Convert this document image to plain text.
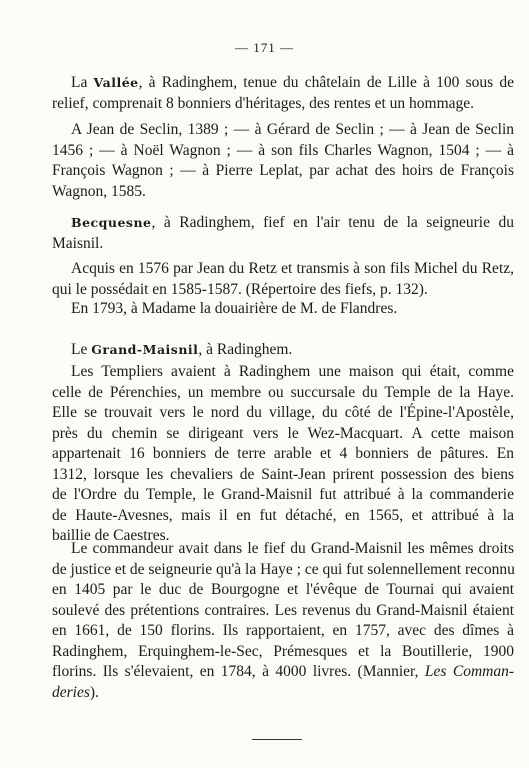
— 171 —
La Vallée, à Radinghem, tenue du châtelain de Lille à 100 sous de
relief, comprenait 8 bonniers d'héritages, des rentes et un hommage.
A Jean de Seclin, 1389 ; — à Gérard de Seclin ; — à Jean de Seclin
1456 ; — à Noël Wagnon ; — à son fils Charles Wagnon, 1504 ; — à
François Wagnon ; — à Pierre Leplat, par achat des hoirs de François
Wagnon, 1585.
Becquesne, à Radinghem, fief en l'air tenu de la seigneurie du
Maisnil.
Acquis en 1576 par Jean du Retz et transmis à son fils Michel du Retz,
qui le possédait en 1585-1587. (Répertoire des fiefs, p. 132).
En 1793, à Madame la douairière de M. de Flandres.
Le Grand-Maisnil, à Radinghem.
Les Templiers avaient à Radinghem une maison qui était, comme
celle de Pérenchies, un membre ou succursale du Temple de la Haye.
Elle se trouvait vers le nord du village, du côté de l'Épine-l'Apostèle,
près du chemin se dirigeant vers le Wez-Macquart. A cette maison
appartenait 16 bonniers de terre arable et 4 bonniers de pâtures. En
1312, lorsque les chevaliers de Saint-Jean prirent possession des biens
de l'Ordre du Temple, le Grand-Maisnil fut attribué à la commanderie
de Haute-Avesnes, mais il en fut détaché, en 1565, et attribué à la
baillie de Caestres.
Le commandeur avait dans le fief du Grand-Maisnil les mêmes droits
de justice et de seigneurie qu'à la Haye ; ce qui fut solennellement reconnu
en 1405 par le duc de Bourgogne et l'évêque de Tournai qui avaient
soulevé des prétentions contraires. Les revenus du Grand-Maisnil étaient
en 1661, de 150 florins. Ils rapportaient, en 1757, avec des dîmes à
Radinghem, Erquinghem-le-Sec, Prémesques et la Boutillerie, 1900
florins. Ils s'élevaient, en 1784, à 4000 livres. (Mannier, Les Comman-
deries).
